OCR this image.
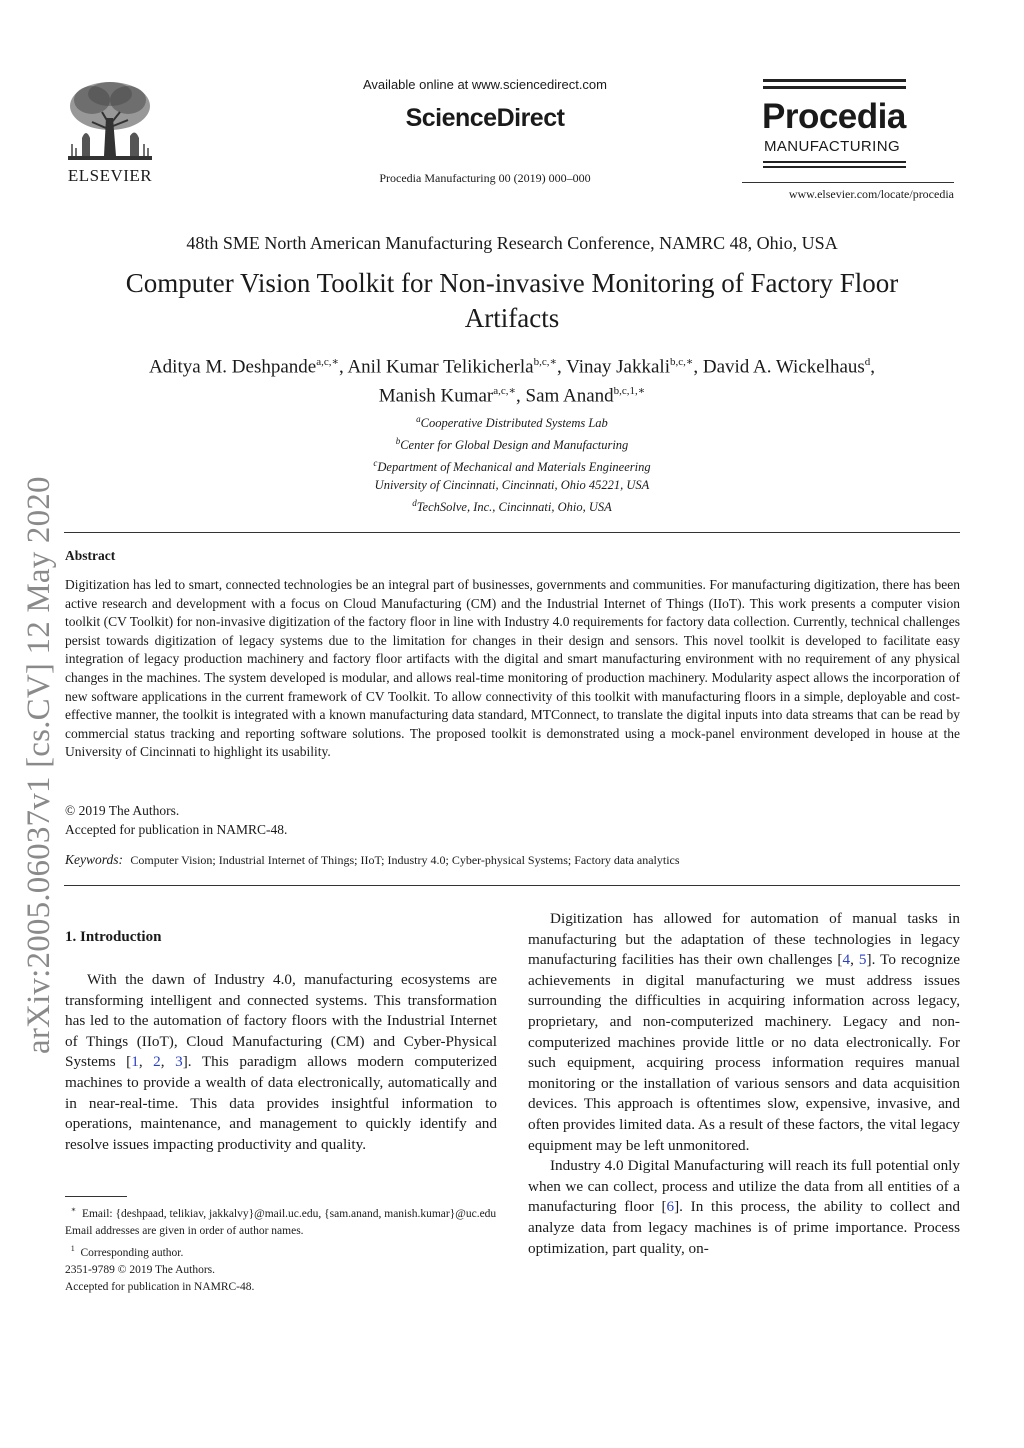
ELSEVIER
Available online at www.sciencedirect.com
ScienceDirect
Procedia Manufacturing 00 (2019) 000–000
Procedia
MANUFACTURING
www.elsevier.com/locate/procedia
arXiv:2005.06037v1 [cs.CV] 12 May 2020
48th SME North American Manufacturing Research Conference, NAMRC 48, Ohio, USA
Computer Vision Toolkit for Non-invasive Monitoring of Factory Floor
Artifacts
Aditya M. Deshpande$^{a,c,∗}$, Anil Kumar Telikicherla$^{b,c,∗}$, Vinay Jakkali$^{b,c,∗}$, David A. Wickelhaus$^d$,
Manish Kumar$^{a,c,∗}$, Sam Anand$^{b,c,1,∗}$
$^a$Cooperative Distributed Systems Lab
$^b$Center for Global Design and Manufacturing
$^c$Department of Mechanical and Materials Engineering
University of Cincinnati, Cincinnati, Ohio 45221, USA
$^d$TechSolve, Inc., Cincinnati, Ohio, USA
Abstract
Digitization has led to smart, connected technologies be an integral part of businesses, governments and communities. For manufacturing digitization, there has been active research and development with a focus on Cloud Manufacturing (CM) and the Industrial Internet of Things (IIoT). This work presents a computer vision toolkit (CV Toolkit) for non-invasive digitization of the factory floor in line with Industry 4.0 requirements for factory data collection. Currently, technical challenges persist towards digitization of legacy systems due to the limitation for changes in their design and sensors. This novel toolkit is developed to facilitate easy integration of legacy production machinery and factory floor artifacts with the digital and smart manufacturing environment with no requirement of any physical changes in the machines. The system developed is modular, and allows real-time monitoring of production machinery. Modularity aspect allows the incorporation of new software applications in the current framework of CV Toolkit. To allow connectivity of this toolkit with manufacturing floors in a simple, deployable and cost-effective manner, the toolkit is integrated with a known manufacturing data standard, MTConnect, to translate the digital inputs into data streams that can be read by commercial status tracking and reporting software solutions. The proposed toolkit is demonstrated using a mock-panel environment developed in house at the University of Cincinnati to highlight its usability.
© 2019 The Authors.
Accepted for publication in NAMRC-48.
Keywords: Computer Vision; Industrial Internet of Things; IIoT; Industry 4.0; Cyber-physical Systems; Factory data analytics
1. Introduction

With the dawn of Industry 4.0, manufacturing ecosystems are transforming intelligent and connected systems. This transformation has led to the automation of factory floors with the Industrial Internet of Things (IIoT), Cloud Manufacturing (CM) and Cyber-Physical Systems [1, 2, 3]. This paradigm allows modern computerized machines to provide a wealth of data electronically, automatically and in near-real-time. This data provides insightful information to operations, maintenance, and management to quickly identify and resolve issues impacting productivity and quality.

Digitization has allowed for automation of manual tasks in manufacturing but the adaptation of these technologies in legacy manufacturing facilities has their own challenges [4, 5]. To recognize achievements in digital manufacturing we must address issues surrounding the difficulties in acquiring information across legacy, proprietary, and non-computerized machinery. Legacy and non-computerized machines provide little or no data electronically. For such equipment, acquiring process information requires manual monitoring or the installation of various sensors and data acquisition devices. This approach is oftentimes slow, expensive, invasive, and often provides limited data. As a result of these factors, the vital legacy equipment may be left unmonitored.

Industry 4.0 Digital Manufacturing will reach its full potential only when we can collect, process and utilize the data from all entities of a manufacturing floor [6]. In this process, the ability to collect and analyze data from legacy machines is of prime importance. Process optimization, part quality, on-

∗ Email: {deshpaad, telikiav, jakkalvy}@mail.uc.edu, {sam.anand, manish.kumar}@uc.edu

Email addresses are given in order of author names.

$^1$ Corresponding author.

2351-9789 © 2019 The Authors.

Accepted for publication in NAMRC-48.
